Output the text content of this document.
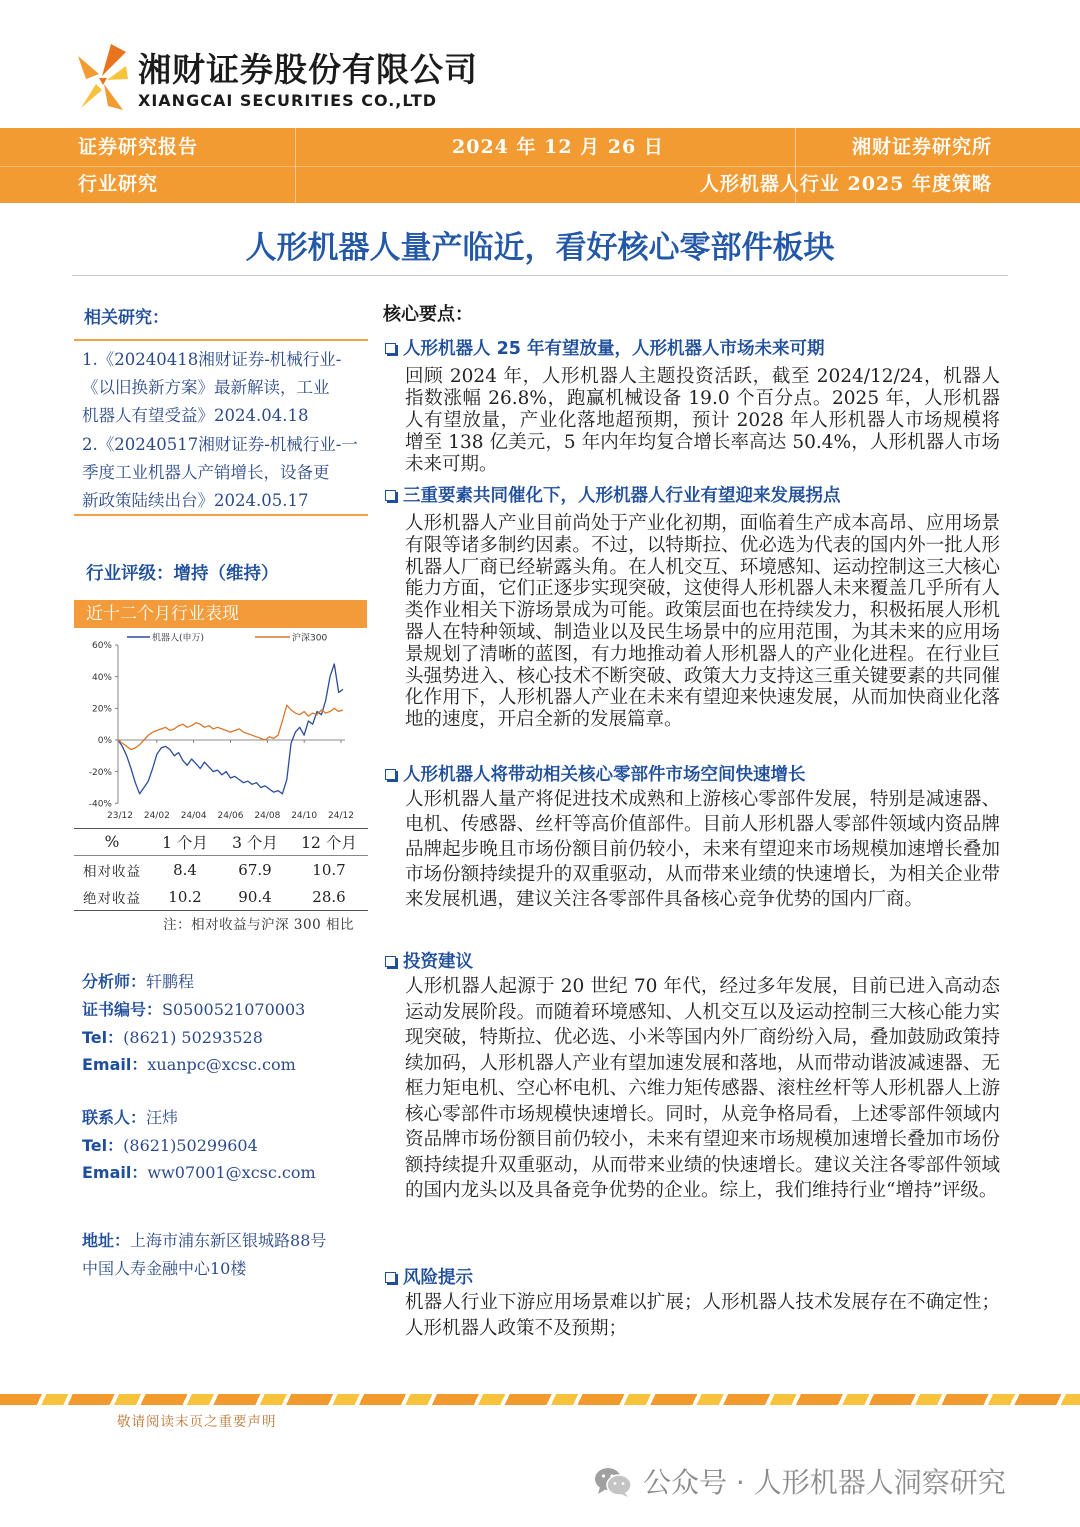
湘财证券股份有限公司
XIANGCAI SECURITIES CO.,LTD
证券研究报告	2024 年 12 月 26 日	湘财证券研究所
行业研究	人形机器人行业 2025 年度策略
人形机器人量产临近，看好核心零部件板块
相关研究：
1.《20240418湘财证券-机械行业-
《以旧换新方案》最新解读，工业
机器人有望受益》2024.04.18
2.《20240517湘财证券-机械行业-一
季度工业机器人产销增长，设备更
新政策陆续出台》2024.05.17
行业评级：增持（维持）
近十二个月行业表现
机器人(申万)	沪深300
60%
40%
20%
0%
-20%
-40%
23/12 24/02 24/04 24/06 24/08 24/10 24/12
%	1 个月	3 个月	12 个月
相对收益	8.4	67.9	10.7
绝对收益	10.2	90.4	28.6
注：相对收益与沪深 300 相比
分析师：轩鹏程
证书编号：S0500521070003
Tel：(8621) 50293528
Email：xuanpc@xcsc.com
联系人：汪炜
Tel：(8621)50299604
Email：ww07001@xcsc.com
地址：上海市浦东新区银城路88号
中国人寿金融中心10楼
核心要点：
人形机器人 25 年有望放量，人形机器人市场未来可期
回顾 2024 年，人形机器人主题投资活跃，截至 2024/12/24，机器人指数涨幅 26.8%，跑赢机械设备 19.0 个百分点。2025 年，人形机器人有望放量，产业化落地超预期，预计 2028 年人形机器人市场规模将增至 138 亿美元，5 年内年均复合增长率高达 50.4%，人形机器人市场未来可期。
三重要素共同催化下，人形机器人行业有望迎来发展拐点
人形机器人产业目前尚处于产业化初期，面临着生产成本高昂、应用场景有限等诸多制约因素。不过，以特斯拉、优必选为代表的国内外一批人形机器人厂商已经崭露头角。在人机交互、环境感知、运动控制这三大核心能力方面，它们正逐步实现突破，这使得人形机器人未来覆盖几乎所有人类作业相关下游场景成为可能。政策层面也在持续发力，积极拓展人形机器人在特种领域、制造业以及民生场景中的应用范围，为其未来的应用场景规划了清晰的蓝图，有力地推动着人形机器人的产业化进程。在行业巨头强势进入、核心技术不断突破、政策大力支持这三重关键要素的共同催化作用下，人形机器人产业在未来有望迎来快速发展，从而加快商业化落地的速度，开启全新的发展篇章。
人形机器人将带动相关核心零部件市场空间快速增长
人形机器人量产将促进技术成熟和上游核心零部件发展，特别是减速器、电机、传感器、丝杆等高价值部件。目前人形机器人零部件领域内资品牌品牌起步晚且市场份额目前仍较小，未来有望迎来市场规模加速增长叠加市场份额持续提升的双重驱动，从而带来业绩的快速增长，为相关企业带来发展机遇，建议关注各零部件具备核心竞争优势的国内厂商。
投资建议
人形机器人起源于 20 世纪 70 年代，经过多年发展，目前已进入高动态运动发展阶段。而随着环境感知、人机交互以及运动控制三大核心能力实现突破，特斯拉、优必选、小米等国内外厂商纷纷入局，叠加鼓励政策持续加码，人形机器人产业有望加速发展和落地，从而带动谐波减速器、无框力矩电机、空心杯电机、六维力矩传感器、滚柱丝杆等人形机器人上游核心零部件市场规模快速增长。同时，从竞争格局看，上述零部件领域内资品牌市场份额目前仍较小，未来有望迎来市场规模加速增长叠加市场份额持续提升双重驱动，从而带来业绩的快速增长。建议关注各零部件领域的国内龙头以及具备竞争优势的企业。综上，我们维持行业“增持”评级。
风险提示
机器人行业下游应用场景难以扩展；人形机器人技术发展存在不确定性；人形机器人政策不及预期；
敬请阅读末页之重要声明
公众号 · 人形机器人洞察研究
